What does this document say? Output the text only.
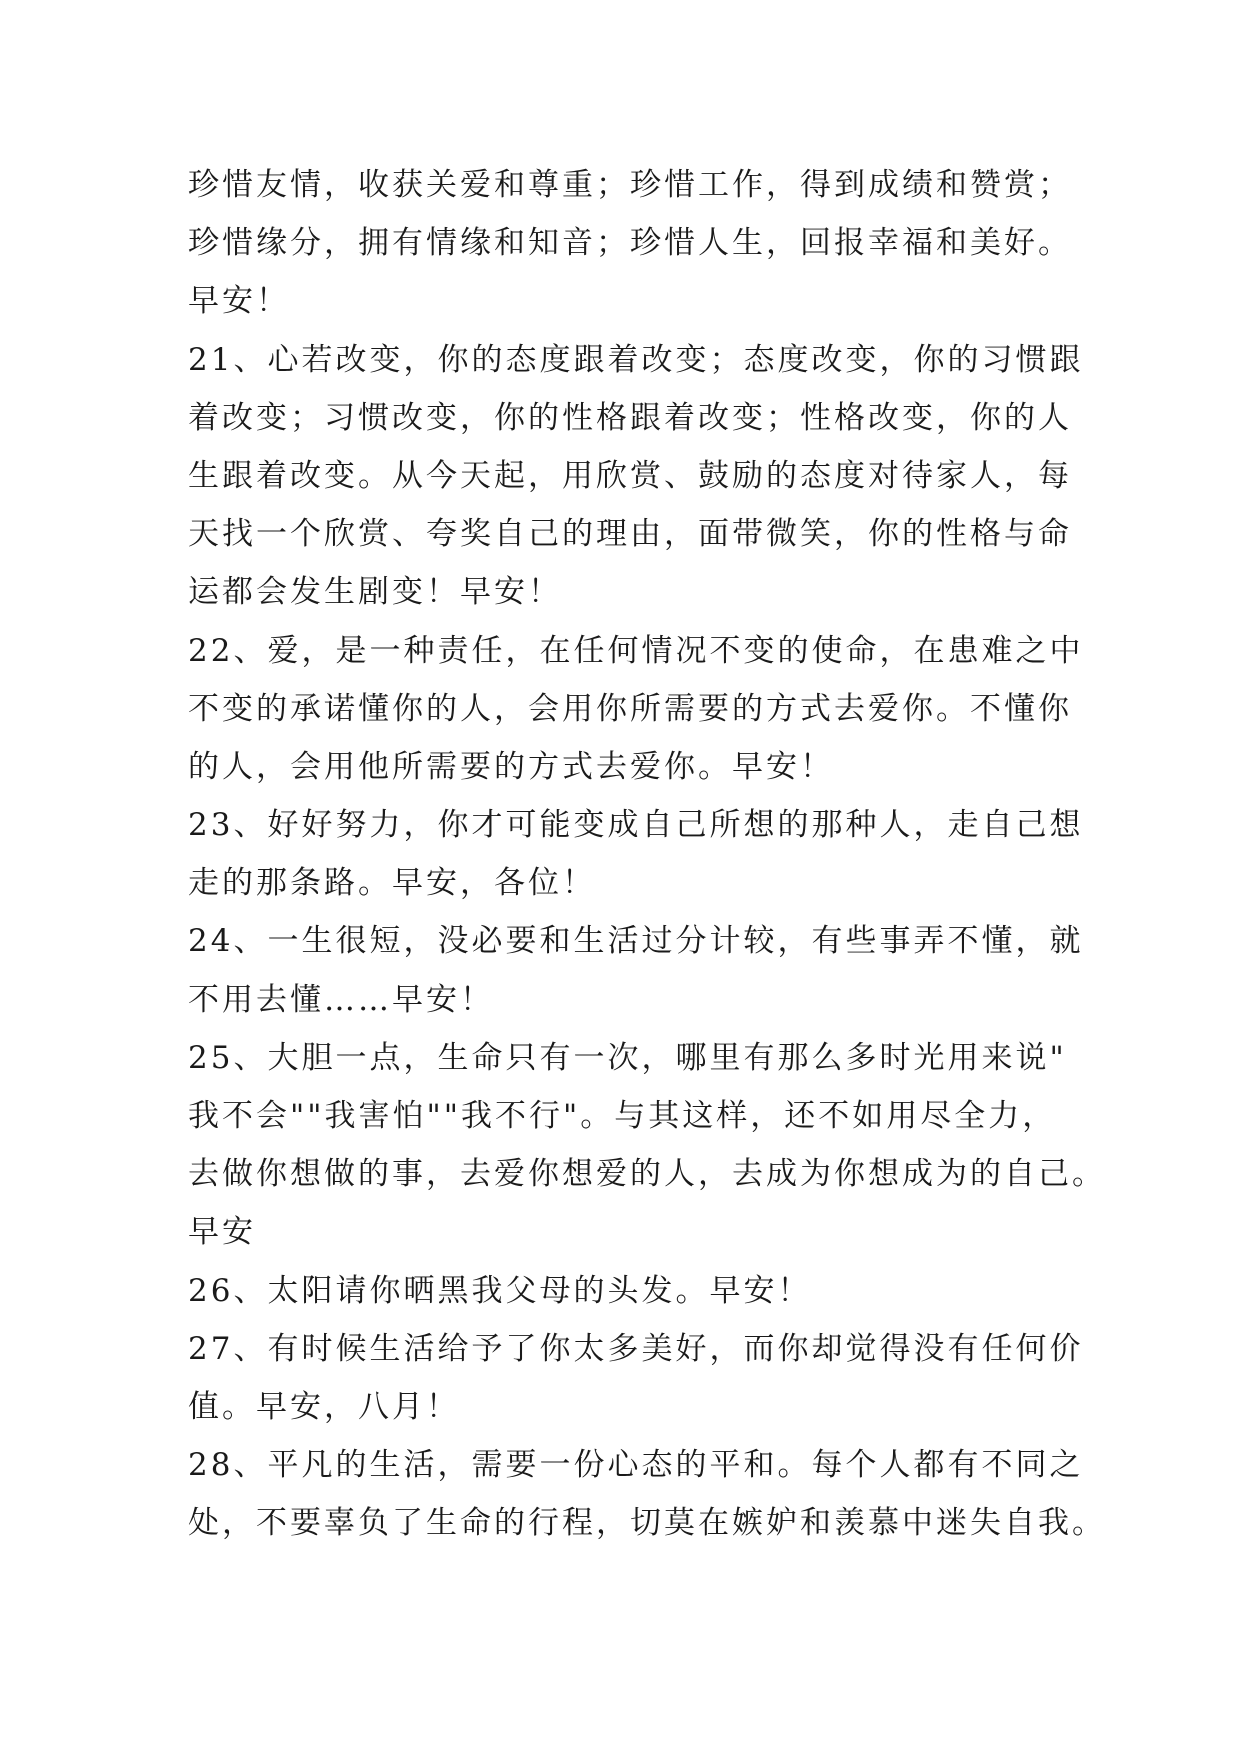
珍惜友情，收获关爱和尊重；珍惜工作，得到成绩和赞赏；
珍惜缘分，拥有情缘和知音；珍惜人生，回报幸福和美好。
早安！
21、心若改变，你的态度跟着改变；态度改变，你的习惯跟
着改变；习惯改变，你的性格跟着改变；性格改变，你的人
生跟着改变。从今天起，用欣赏、鼓励的态度对待家人，每
天找一个欣赏、夸奖自己的理由，面带微笑，你的性格与命
运都会发生剧变！早安！
22、爱，是一种责任，在任何情况不变的使命，在患难之中
不变的承诺懂你的人，会用你所需要的方式去爱你。不懂你
的人，会用他所需要的方式去爱你。早安！
23、好好努力，你才可能变成自己所想的那种人，走自己想
走的那条路。早安，各位！
24、一生很短，没必要和生活过分计较，有些事弄不懂，就
不用去懂……早安！
25、大胆一点，生命只有一次，哪里有那么多时光用来说"
我不会""我害怕""我不行"。与其这样，还不如用尽全力，
去做你想做的事，去爱你想爱的人，去成为你想成为的自己。
早安
26、太阳请你晒黑我父母的头发。早安！
27、有时候生活给予了你太多美好，而你却觉得没有任何价
值。早安，八月！
28、平凡的生活，需要一份心态的平和。每个人都有不同之
处，不要辜负了生命的行程，切莫在嫉妒和羡慕中迷失自我。
